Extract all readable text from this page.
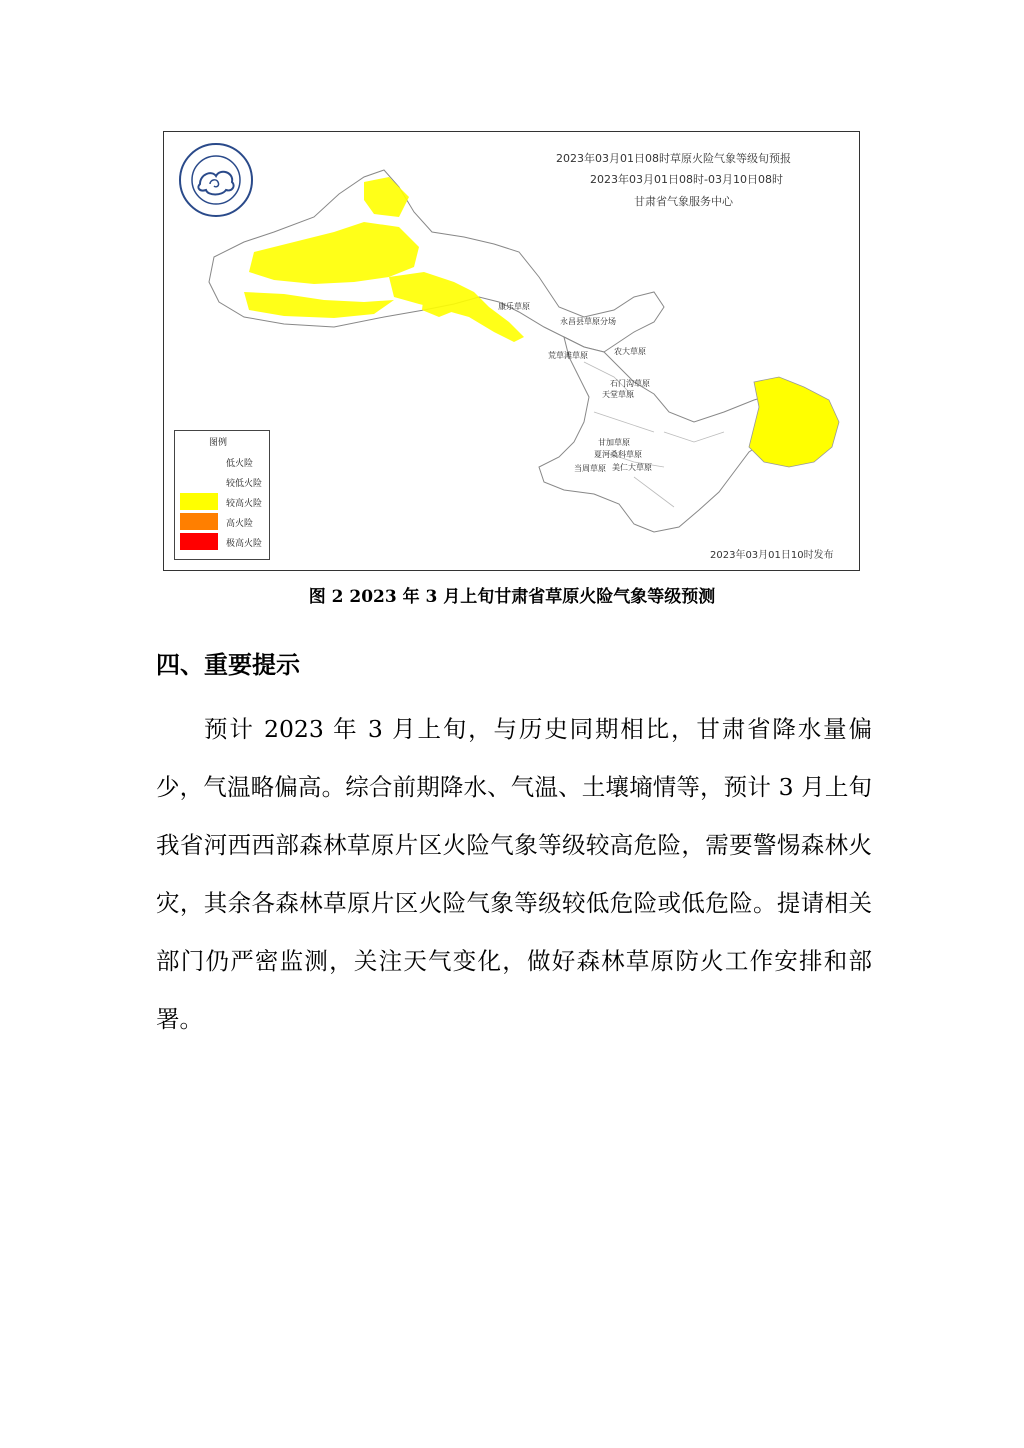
2023年03月01日08时草原火险气象等级旬预报
2023年03月01日08时-03月10日08时
甘肃省气象服务中心
康乐草原
永昌县草原分场
荒草滩草原	农大草原
石门沟草原
天堂草原
甘加草原
夏河桑科草原
当周草原 美仁大草原
2023年03月01日10时发布
图例
低火险
较低火险
较高火险
高火险
极高火险
图 2 2023 年 3 月上旬甘肃省草原火险气象等级预测
四、重要提示
预计 2023 年 3 月上旬，与历史同期相比，甘肃省降水量偏少，气温略偏高。综合前期降水、气温、土壤墒情等，预计 3 月上旬我省河西西部森林草原片区火险气象等级较高危险，需要警惕森林火灾，其余各森林草原片区火险气象等级较低危险或低危险。提请相关部门仍严密监测，关注天气变化，做好森林草原防火工作安排和部署。
